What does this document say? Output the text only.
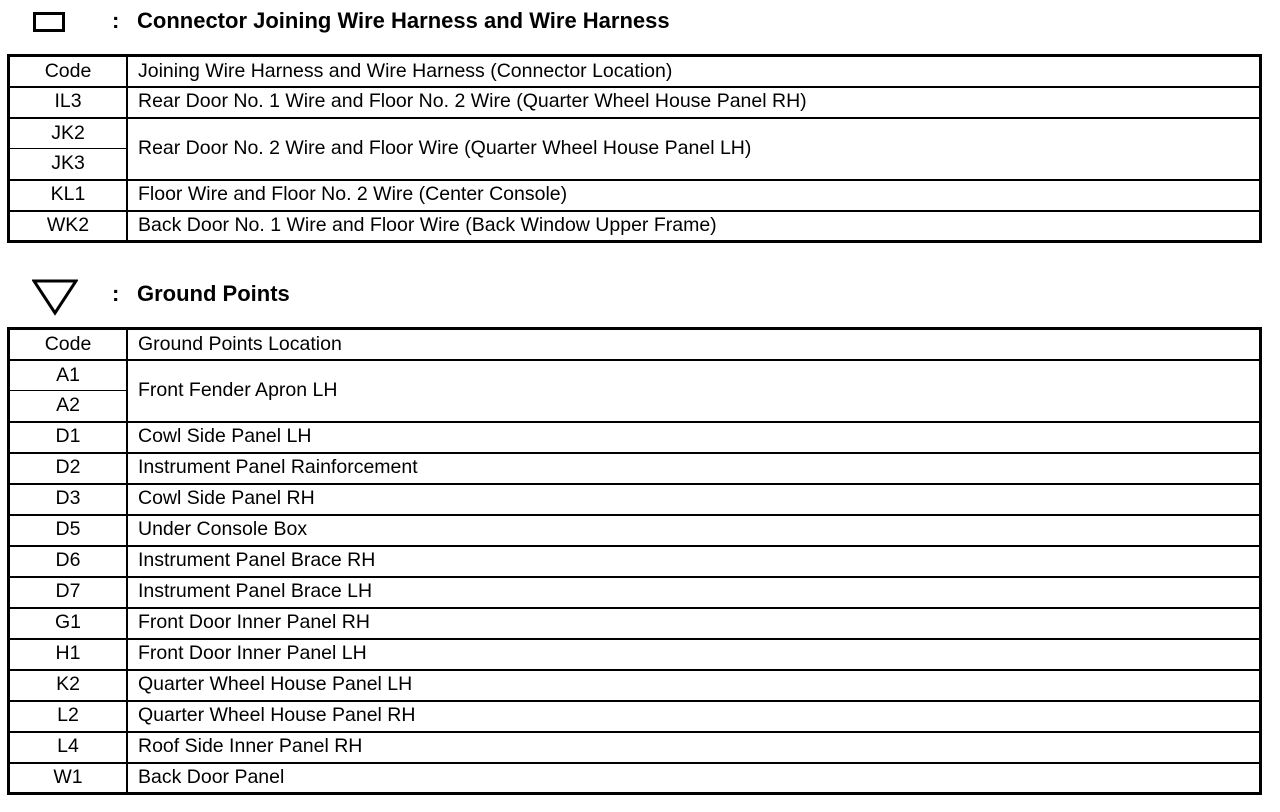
: Connector Joining Wire Harness and Wire Harness
Code	Joining Wire Harness and Wire Harness (Connector Location)
IL3	Rear Door No. 1 Wire and Floor No. 2 Wire (Quarter Wheel House Panel RH)
JK2	Rear Door No. 2 Wire and Floor Wire (Quarter Wheel House Panel LH)
JK3	
KL1	Floor Wire and Floor No. 2 Wire (Center Console)
WK2	Back Door No. 1 Wire and Floor Wire (Back Window Upper Frame)
: Ground Points
Code	Ground Points Location
A1	Front Fender Apron LH
A2	
D1	Cowl Side Panel LH
D2	Instrument Panel Rainforcement
D3	Cowl Side Panel RH
D5	Under Console Box
D6	Instrument Panel Brace RH
D7	Instrument Panel Brace LH
G1	Front Door Inner Panel RH
H1	Front Door Inner Panel LH
K2	Quarter Wheel House Panel LH
L2	Quarter Wheel House Panel RH
L4	Roof Side Inner Panel RH
W1	Back Door Panel
